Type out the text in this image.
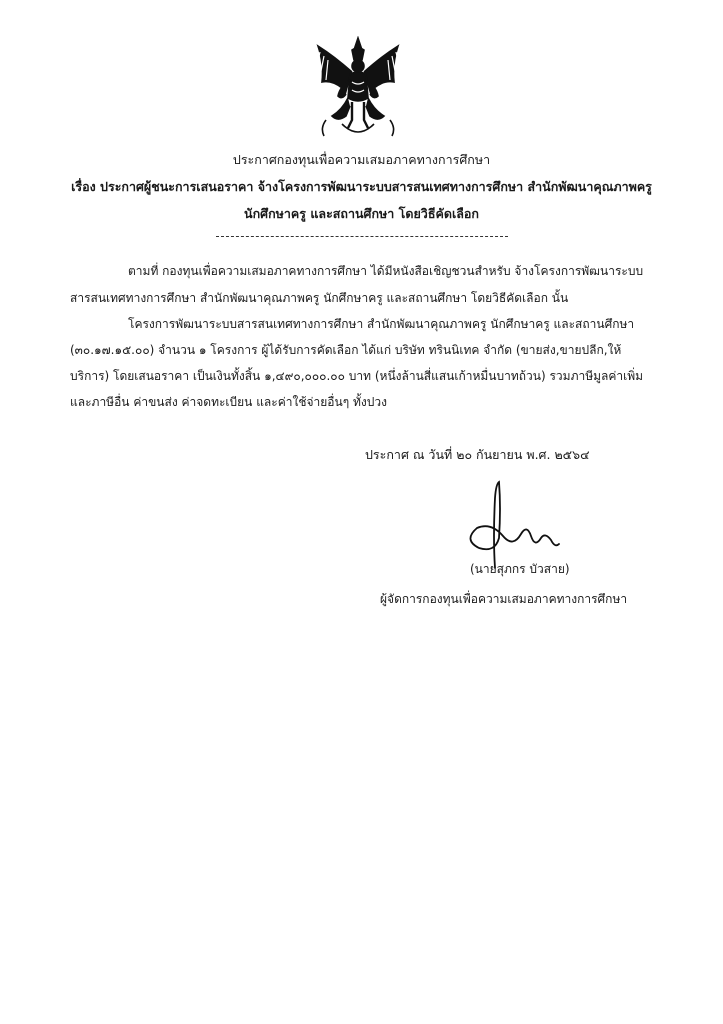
ประกาศกองทุนเพื่อความเสมอภาคทางการศึกษา
เรื่อง ประกาศผู้ชนะการเสนอราคา จ้างโครงการพัฒนาระบบสารสนเทศทางการศึกษา สำนักพัฒนาคุณภาพครู
นักศึกษาครู และสถานศึกษา โดยวิธีคัดเลือก
ตามที่ กองทุนเพื่อความเสมอภาคทางการศึกษา ได้มีหนังสือเชิญชวนสำหรับ จ้างโครงการพัฒนาระบบ
สารสนเทศทางการศึกษา สำนักพัฒนาคุณภาพครู นักศึกษาครู และสถานศึกษา โดยวิธีคัดเลือก นั้น
โครงการพัฒนาระบบสารสนเทศทางการศึกษา สำนักพัฒนาคุณภาพครู นักศึกษาครู และสถานศึกษา
(๓๐.๑๗.๑๕.๐๐) จำนวน ๑ โครงการ ผู้ได้รับการคัดเลือก ได้แก่ บริษัท ทรินนิเทค จำกัด (ขายส่ง,ขายปลีก,ให้
บริการ) โดยเสนอราคา เป็นเงินทั้งสิ้น ๑,๔๙๐,๐๐๐.๐๐ บาท (หนึ่งล้านสี่แสนเก้าหมื่นบาทถ้วน) รวมภาษีมูลค่าเพิ่ม
และภาษีอื่น ค่าขนส่ง ค่าจดทะเบียน และค่าใช้จ่ายอื่นๆ ทั้งปวง
ประกาศ ณ วันที่ ๒๐ กันยายน พ.ศ. ๒๕๖๔
(นายสุภกร บัวสาย)
ผู้จัดการกองทุนเพื่อความเสมอภาคทางการศึกษา
